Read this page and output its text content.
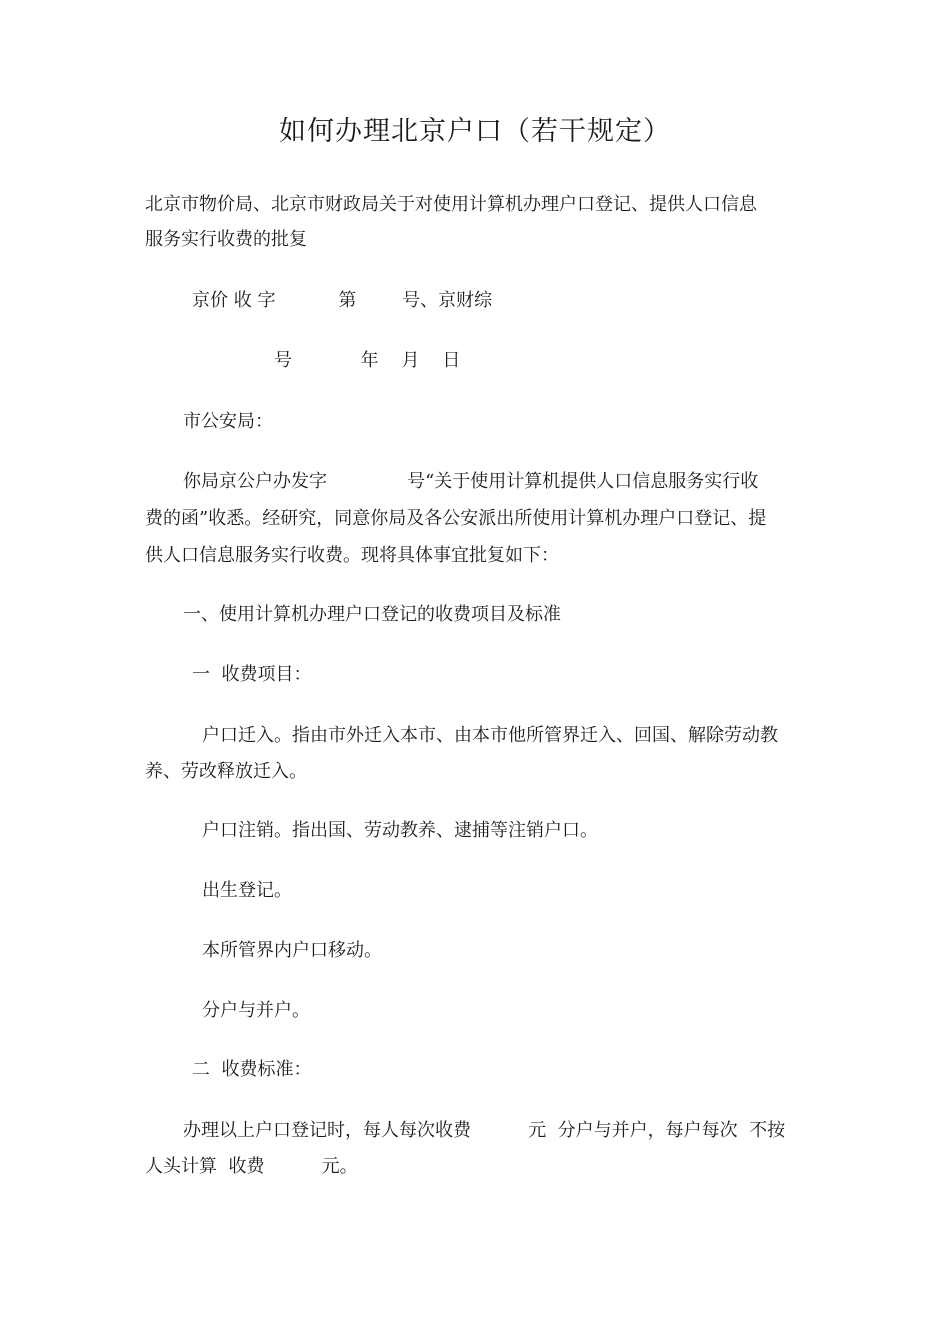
如何办理北京户口（若干规定）

北京市物价局、北京市财政局关于对使用计算机办理户口登记、提供人口信息

服务实行收费的批复

京价 收 字           第        号、京财综

号            年    月    日

市公安局：

你局京公户办发字              号“关于使用计算机提供人口信息服务实行收

费的函”收悉。经研究，同意你局及各公安派出所使用计算机办理户口登记、提

供人口信息服务实行收费。现将具体事宜批复如下：

一、使用计算机办理户口登记的收费项目及标准

一  收费项目：

户口迁入。指由市外迁入本市、由本市他所管界迁入、回国、解除劳动教

养、劳改释放迁入。

户口注销。指出国、劳动教养、逮捕等注销户口。

出生登记。

本所管界内户口移动。

分户与并户。

二  收费标准：

办理以上户口登记时，每人每次收费          元  分户与并户，每户每次  不按

人头计算  收费          元。
